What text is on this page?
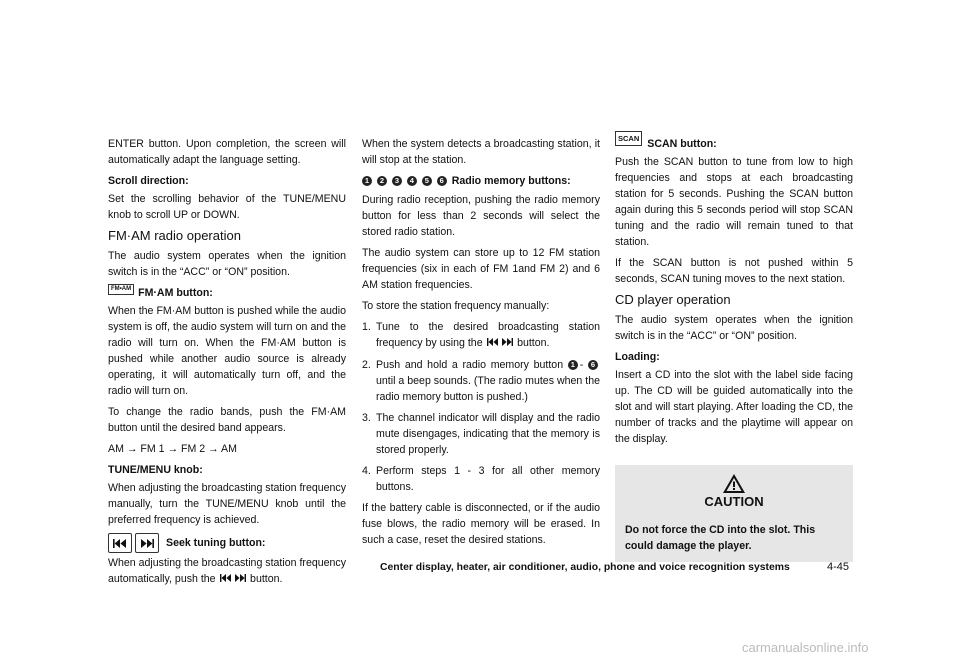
ENTER button. Upon completion, the screen will automatically adapt the language setting.

Scroll direction:

Set the scrolling behavior of the TUNE/MENU knob to scroll UP or DOWN.

FM·AM radio operation

The audio system operates when the ignition switch is in the “ACC” or “ON” position.

FM•AM FM·AM button:

When the FM·AM button is pushed while the audio system is off, the audio system will turn on and the radio will turn on. When the FM·AM button is pushed while another audio source is already operating, it will automatically turn off, and the radio will turn on.

To change the radio bands, push the FM·AM button until the desired band appears.

AM → FM 1 → FM 2 → AM

TUNE/MENU knob:

When adjusting the broadcasting station frequency manually, turn the TUNE/MENU knob until the preferred frequency is achieved.

Seek tuning button:

When adjusting the broadcasting station frequency automatically, push the	button.

When the system detects a broadcasting station, it will stop at the station.

1 2 3 4 5 6 Radio memory buttons:

During radio reception, pushing the radio memory button for less than 2 seconds will select the stored radio station.

The audio system can store up to 12 FM station frequencies (six in each of FM 1and FM 2) and 6 AM station frequencies.

To store the station frequency manually:

1. Tune to the desired broadcasting station frequency by using the	button.
2. Push and hold a radio memory button 1 - 6 until a beep sounds. (The radio mutes when the radio memory button is pushed.)
3. The channel indicator will display and the radio mute disengages, indicating that the memory is stored properly.
4. Perform steps 1 - 3 for all other memory buttons.

If the battery cable is disconnected, or if the audio fuse blows, the radio memory will be erased. In such a case, reset the desired stations.

SCAN SCAN button:

Push the SCAN button to tune from low to high frequencies and stops at each broadcasting station for 5 seconds. Pushing the SCAN button again during this 5 seconds period will stop SCAN tuning and the radio will remain tuned to that station.

If the SCAN button is not pushed within 5 seconds, SCAN tuning moves to the next station.

CD player operation

The audio system operates when the ignition switch is in the “ACC” or “ON” position.

Loading:

Insert a CD into the slot with the label side facing up. The CD will be guided automatically into the slot and will start playing. After loading the CD, the number of tracks and the playtime will appear on the display.

CAUTION
Do not force the CD into the slot. This could damage the player.
Center display, heater, air conditioner, audio, phone and voice recognition systems	4-45
carmanualsonline.info
